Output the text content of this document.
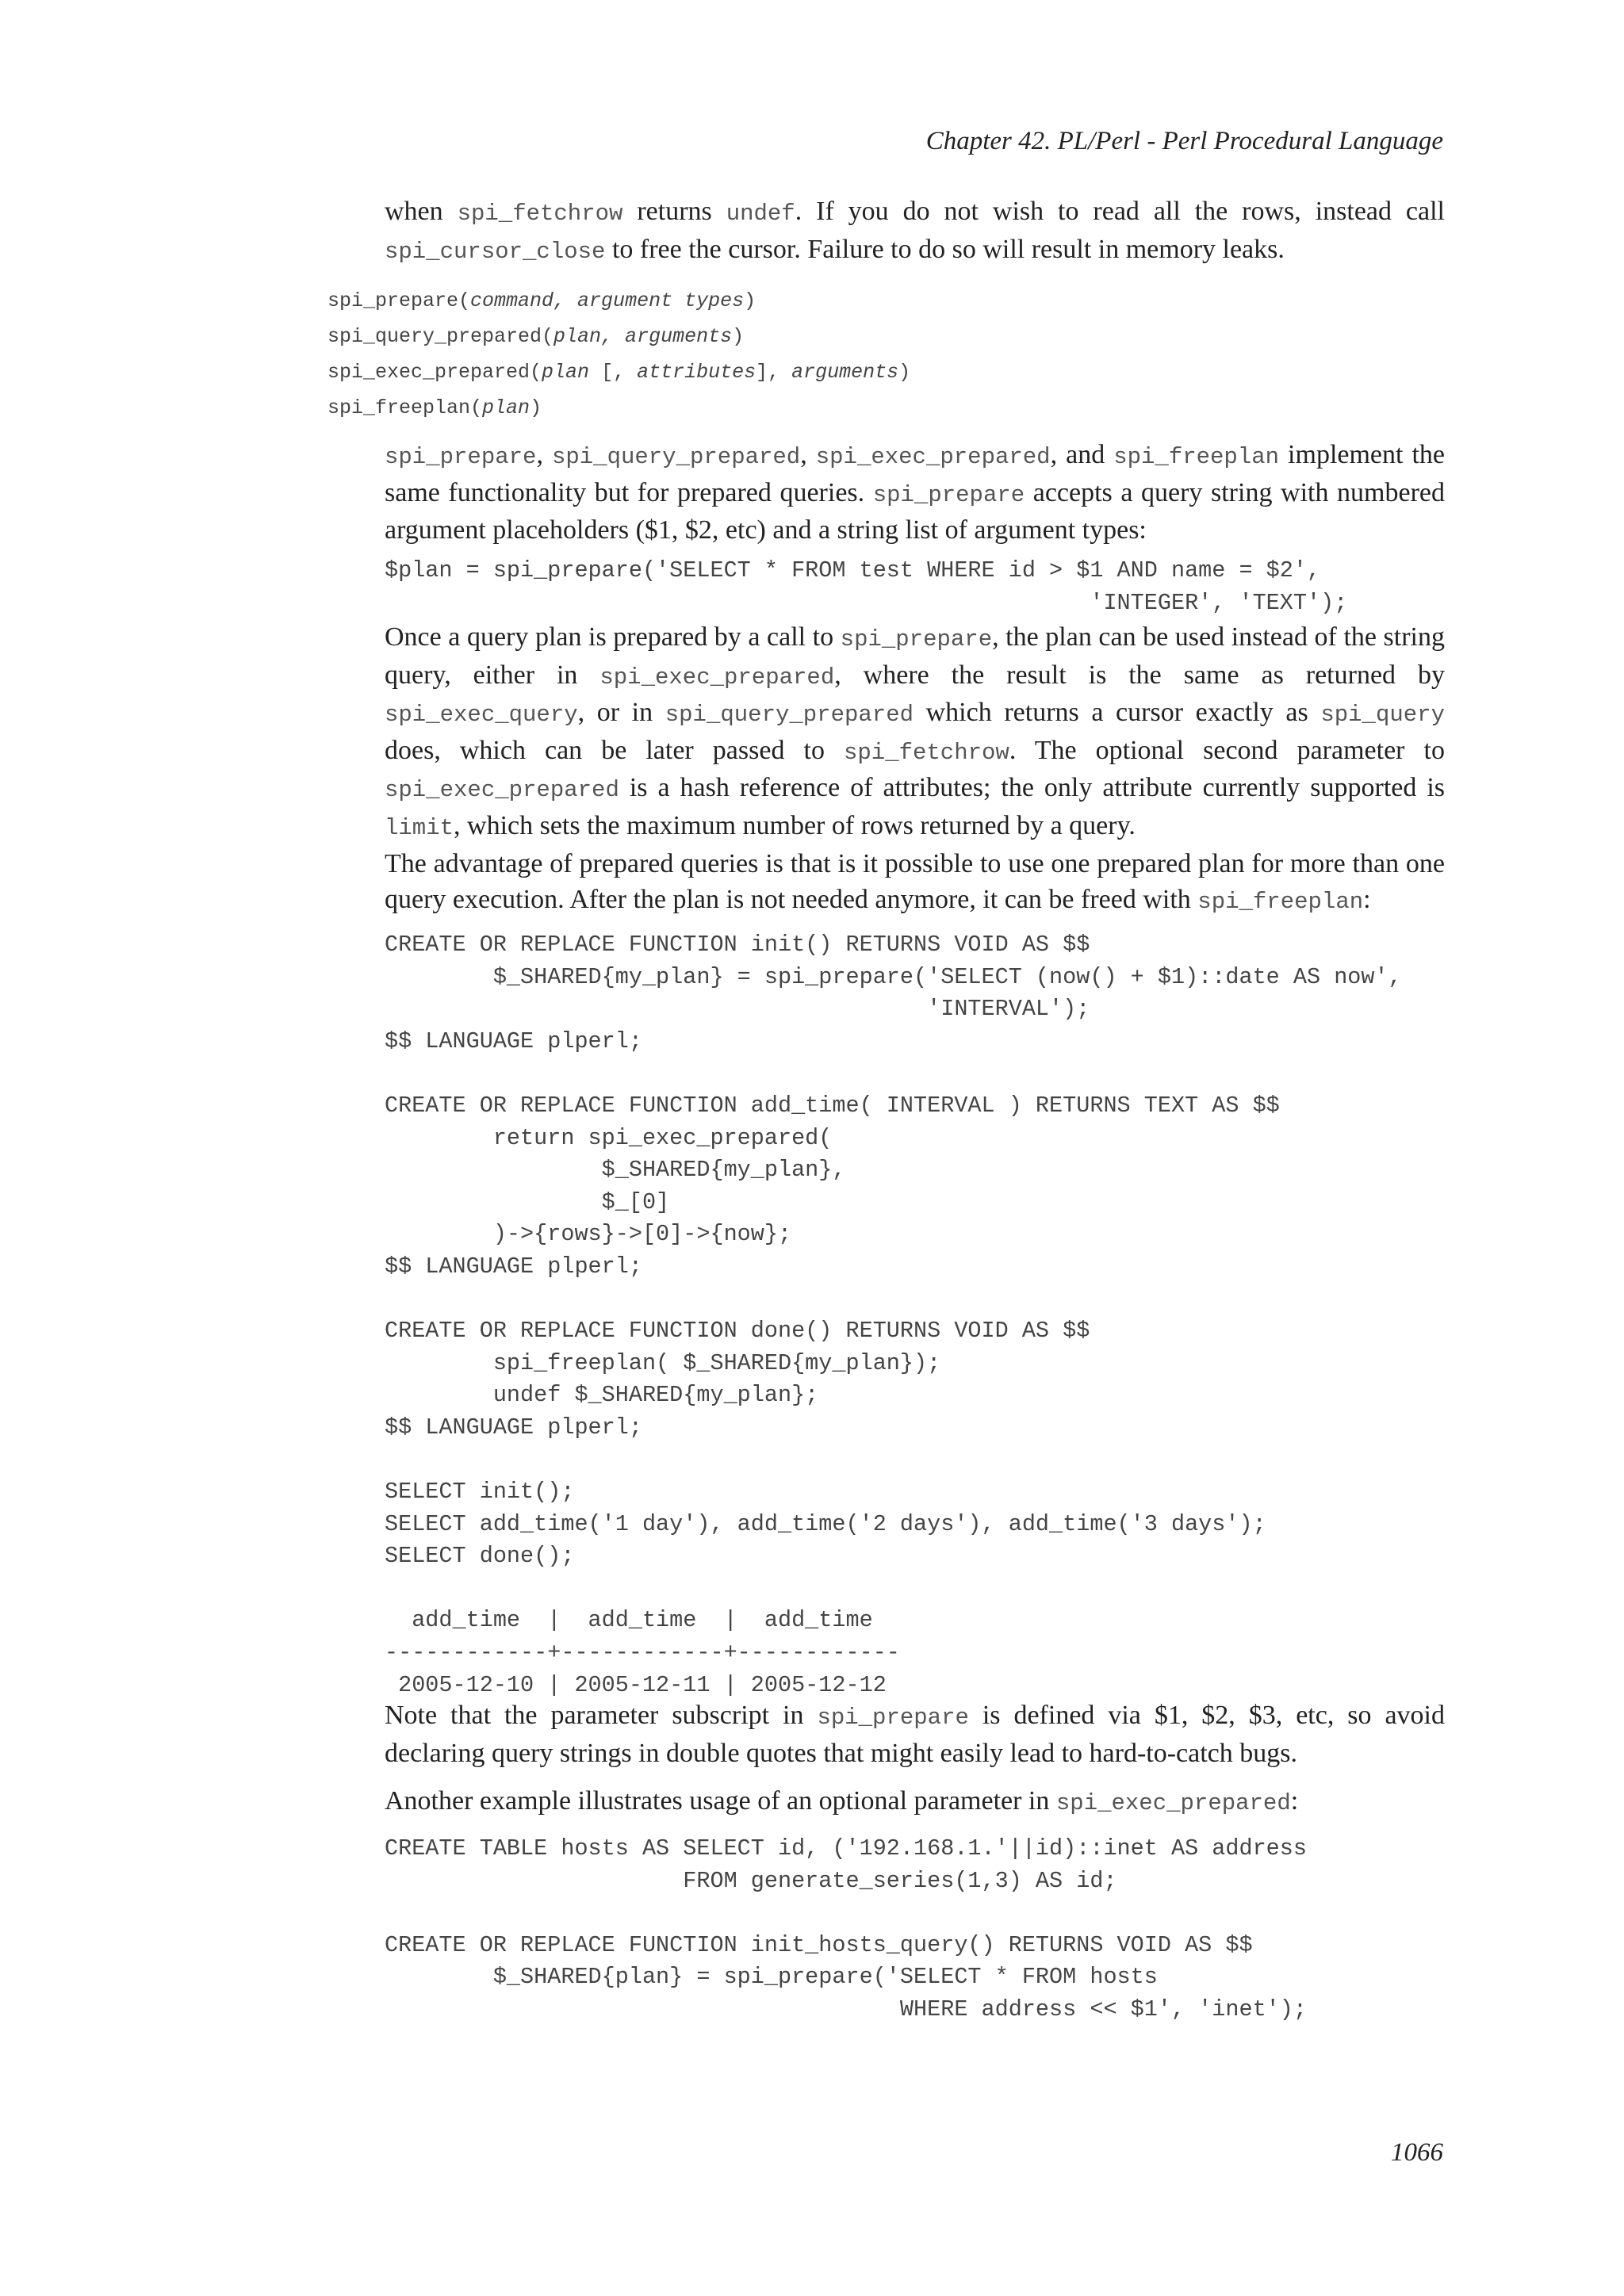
Chapter 42. PL/Perl - Perl Procedural Language

when spi_fetchrow returns undef. If you do not wish to read all the rows, instead call spi_cursor_close to free the cursor. Failure to do so will result in memory leaks.

spi_prepare(command, argument types)
spi_query_prepared(plan, arguments)
spi_exec_prepared(plan [, attributes], arguments)
spi_freeplan(plan)

spi_prepare, spi_query_prepared, spi_exec_prepared, and spi_freeplan implement the same functionality but for prepared queries. spi_prepare accepts a query string with numbered argument placeholders ($1, $2, etc) and a string list of argument types:

$plan = spi_prepare('SELECT * FROM test WHERE id > $1 AND name = $2',
'INTEGER', 'TEXT');

Once a query plan is prepared by a call to spi_prepare, the plan can be used instead of the string query, either in spi_exec_prepared, where the result is the same as returned by spi_exec_query, or in spi_query_prepared which returns a cursor exactly as spi_query does, which can be later passed to spi_fetchrow. The optional second parameter to spi_exec_prepared is a hash reference of attributes; the only attribute currently supported is limit, which sets the maximum number of rows returned by a query.

The advantage of prepared queries is that is it possible to use one prepared plan for more than one query execution. After the plan is not needed anymore, it can be freed with spi_freeplan:

CREATE OR REPLACE FUNCTION init() RETURNS VOID AS $$
$_SHARED{my_plan} = spi_prepare('SELECT (now() + $1)::date AS now',
'INTERVAL');
$$ LANGUAGE plperl;

CREATE OR REPLACE FUNCTION add_time( INTERVAL ) RETURNS TEXT AS $$
return spi_exec_prepared(
$_SHARED{my_plan},
$_[0]
)->{rows}->[0]->{now};
$$ LANGUAGE plperl;

CREATE OR REPLACE FUNCTION done() RETURNS VOID AS $$
spi_freeplan( $_SHARED{my_plan});
undef $_SHARED{my_plan};
$$ LANGUAGE plperl;

SELECT init();
SELECT add_time('1 day'), add_time('2 days'), add_time('3 days');
SELECT done();

add_time  |  add_time  |  add_time
------------+------------+------------
2005-12-10 | 2005-12-11 | 2005-12-12

Note that the parameter subscript in spi_prepare is defined via $1, $2, $3, etc, so avoid declaring query strings in double quotes that might easily lead to hard-to-catch bugs.

Another example illustrates usage of an optional parameter in spi_exec_prepared:

CREATE TABLE hosts AS SELECT id, ('192.168.1.'||id)::inet AS address
FROM generate_series(1,3) AS id;

CREATE OR REPLACE FUNCTION init_hosts_query() RETURNS VOID AS $$
$_SHARED{plan} = spi_prepare('SELECT * FROM hosts
WHERE address << $1', 'inet');
1066
